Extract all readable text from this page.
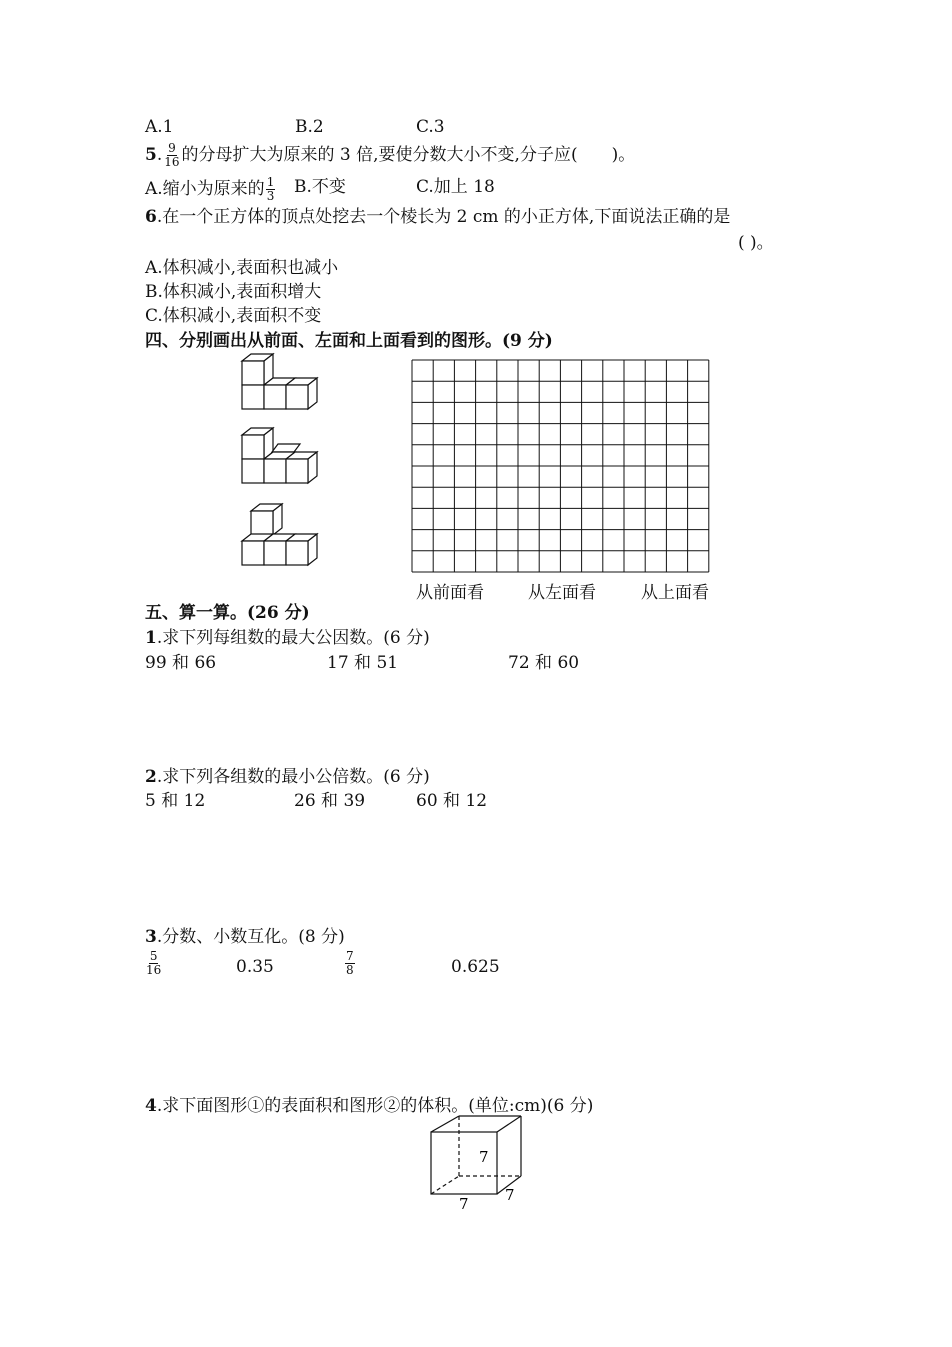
A.1	B.2	C.3
5. $\frac{9}{16}$ 的分母扩大为原来的 3 倍,要使分数大小不变,分子应( )。
A.缩小为原来的 $\frac{1}{3} B$.不变	C.加上 18
6.在一个正方体的顶点处挖去一个棱长为 2 cm 的小正方体,下面说法正确的是
( )。
A.体积减小,表面积也减小
B.体积减小,表面积增大
C.体积减小,表面积不变
四、分别画出从前面、左面和上面看到的图形。(9 分)
从前面看	从左面看	从上面看
五、算一算。(26 分)
1.求下列每组数的最大公因数。(6 分)
99 和 66	17 和 51	72 和 60
2.求下列各组数的最小公倍数。(6 分)
5 和 12	26 和 39	60 和 12
3.分数、小数互化。(8 分)
$\frac{5}{16}$	0.35	$\frac{7}{8}$	0.625
4.求下面图形①的表面积和图形②的体积。(单位:cm)(6 分)
7
7 7
